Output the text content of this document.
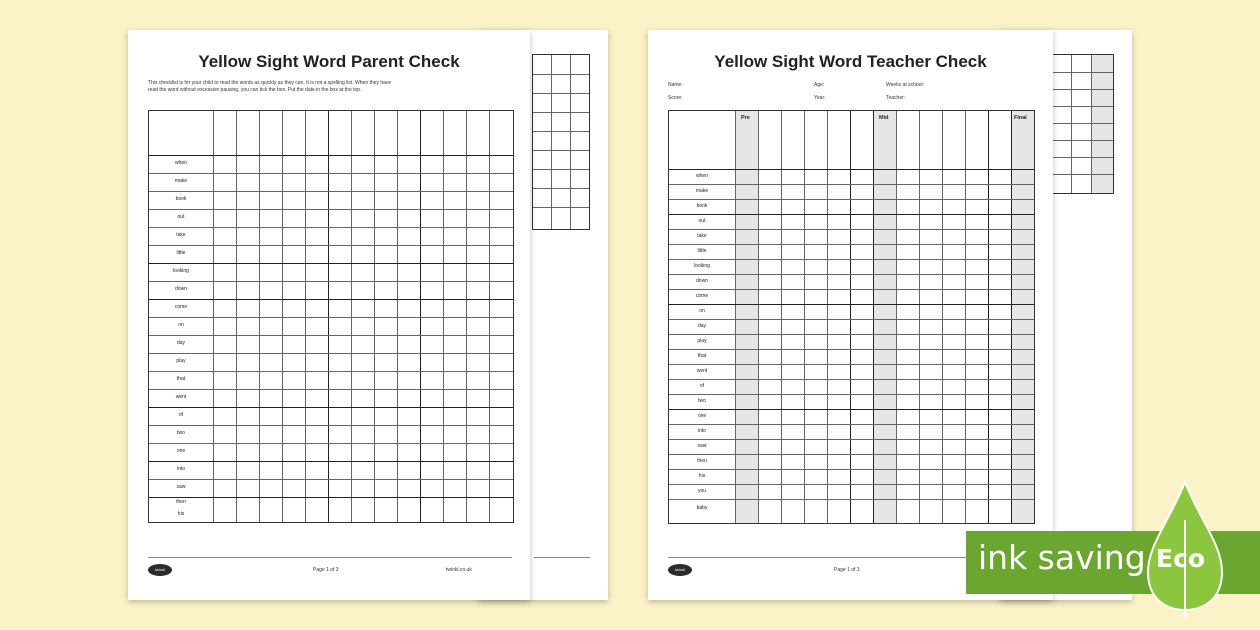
Yellow Sight Word Parent Check
This checklist is for your child to read the words as quickly as they can. It is not a spelling list. When they have
read the word without excessive pausing, you can tick the box. Put the date in the box at the top.
when
make
book
out
take
little
looking
down
come
on
day
play
that
went
of
two
one
into
saw
then
his
twinkl	Page 1 of 3	twinkl.co.uk
Yellow Sight Word Teacher Check
Name:	Age:	Weeks at school:
Score:	Year:	Teacher:
Pre	Mid	Final
when
make
book
out
take
little
looking
down
come
on
day
play
that
went
of
two
one
into
saw
then
his
you
baby
twinkl	Page 1 of 3	ink saving Eco
